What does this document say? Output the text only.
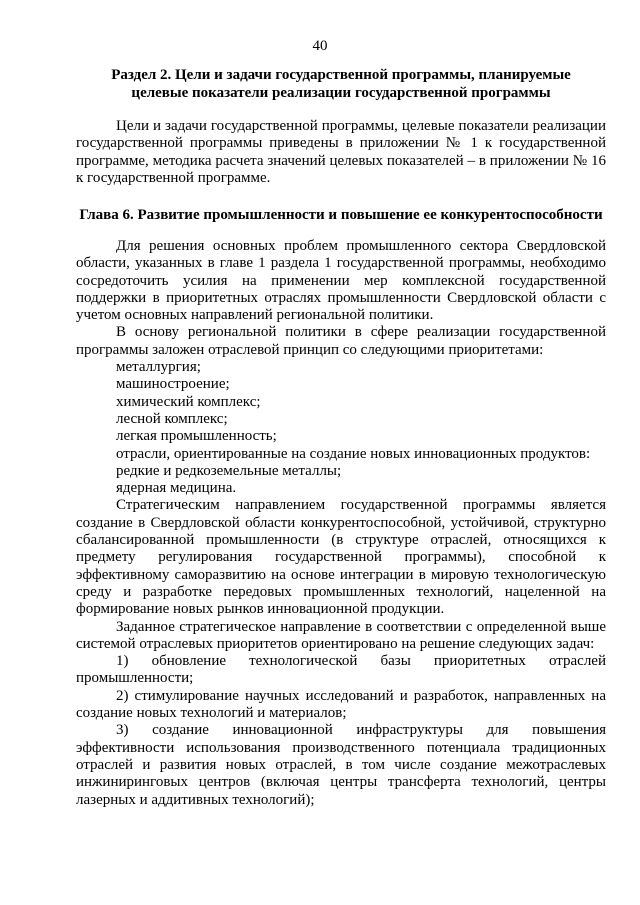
40
Раздел 2. Цели и задачи государственной программы, планируемые
целевые показатели реализации государственной программы

Цели и задачи государственной программы, целевые показатели реализации государственной программы приведены в приложении № 1 к государственной программе, методика расчета значений целевых показателей – в приложении № 16 к государственной программе.

Глава 6. Развитие промышленности и повышение ее конкурентоспособности

Для решения основных проблем промышленного сектора Свердловской области, указанных в главе 1 раздела 1 государственной программы, необходимо сосредоточить усилия на применении мер комплексной государственной поддержки в приоритетных отраслях промышленности Свердловской области с учетом основных направлений региональной политики.

В основу региональной политики в сфере реализации государственной программы заложен отраслевой принцип со следующими приоритетами:

металлургия;

машиностроение;

химический комплекс;

лесной комплекс;

легкая промышленность;

отрасли, ориентированные на создание новых инновационных продуктов:

редкие и редкоземельные металлы;

ядерная медицина.

Стратегическим направлением государственной программы является создание в Свердловской области конкурентоспособной, устойчивой, структурно сбалансированной промышленности (в структуре отраслей, относящихся к предмету регулирования государственной программы), способной к эффективному саморазвитию на основе интеграции в мировую технологическую среду и разработке передовых промышленных технологий, нацеленной на формирование новых рынков инновационной продукции.

Заданное стратегическое направление в соответствии с определенной выше системой отраслевых приоритетов ориентировано на решение следующих задач:

1) обновление технологической базы приоритетных отраслей промышленности;

2) стимулирование научных исследований и разработок, направленных на создание новых технологий и материалов;

3) создание инновационной инфраструктуры для повышения эффективности использования производственного потенциала традиционных отраслей и развития новых отраслей, в том числе создание межотраслевых инжиниринговых центров (включая центры трансферта технологий, центры лазерных и аддитивных технологий);
